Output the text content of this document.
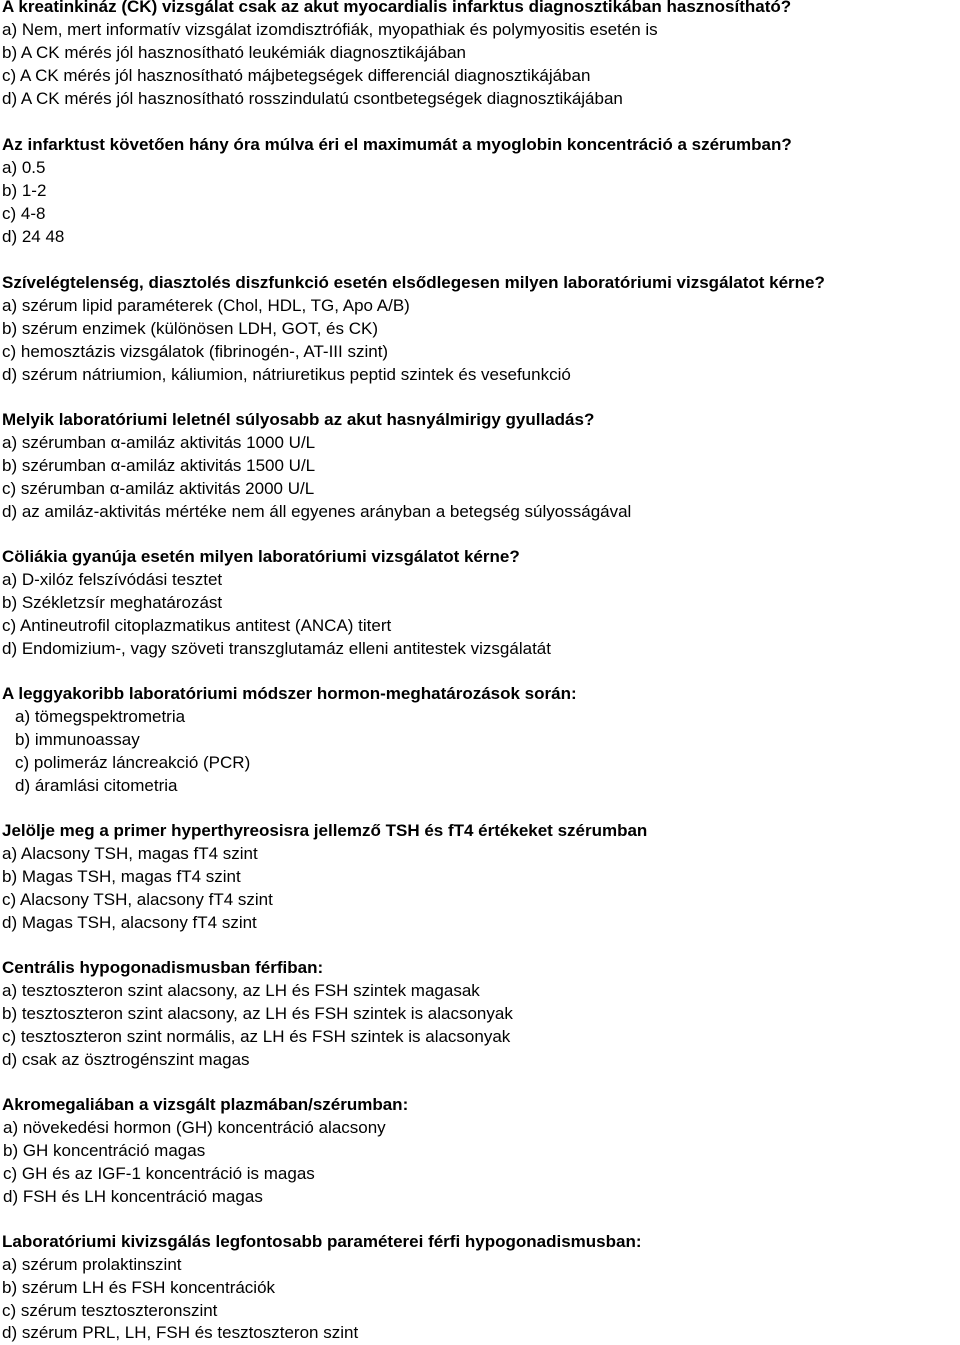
A kreatinkináz (CK) vizsgálat csak az akut myocardialis infarktus diagnosztikában hasznosítható?
a) Nem, mert informatív vizsgálat izomdisztrófiák, myopathiak és polymyositis esetén is
b) A CK mérés jól hasznosítható leukémiák diagnosztikájában
c) A CK mérés jól hasznosítható májbetegségek differenciál diagnosztikájában
d) A CK mérés jól hasznosítható rosszindulatú csontbetegségek diagnosztikájában
Az infarktust követően hány óra múlva éri el maximumát a myoglobin koncentráció a szérumban?
a) 0.5
b) 1-2
c) 4-8
d) 24 48
Szívelégtelenség, diasztolés diszfunkció esetén elsődlegesen milyen laboratóriumi vizsgálatot kérne?
a) szérum lipid paraméterek (Chol, HDL, TG, Apo A/B)
b) szérum enzimek (különösen LDH, GOT, és CK)
c) hemosztázis vizsgálatok (fibrinogén-, AT-III szint)
d) szérum nátriumion, káliumion, nátriuretikus peptid szintek és vesefunkció
Melyik laboratóriumi leletnél súlyosabb az akut hasnyálmirigy gyulladás?
a) szérumban α-amiláz aktivitás 1000 U/L
b) szérumban α-amiláz aktivitás 1500 U/L
c) szérumban α-amiláz aktivitás 2000 U/L
d) az amiláz-aktivitás mértéke nem áll egyenes arányban a betegség súlyosságával
Cöliákia gyanúja esetén milyen laboratóriumi vizsgálatot kérne?
a) D-xilóz felszívódási tesztet
b) Székletzsír meghatározást
c) Antineutrofil citoplazmatikus antitest (ANCA) titert
d) Endomizium-, vagy szöveti transzglutamáz elleni antitestek vizsgálatát
A leggyakoribb laboratóriumi módszer hormon-meghatározások során:
a) tömegspektrometria
b) immunoassay
c) polimeráz láncreakció (PCR)
d) áramlási citometria
Jelölje meg a primer hyperthyreosisra jellemző TSH és fT4 értékeket szérumban
a) Alacsony TSH, magas fT4 szint
b) Magas TSH, magas fT4 szint
c) Alacsony TSH, alacsony fT4 szint
d) Magas TSH, alacsony fT4 szint
Centrális hypogonadismusban férfiban:
a) tesztoszteron szint alacsony, az LH és FSH szintek magasak
b) tesztoszteron szint alacsony, az LH és FSH szintek is alacsonyak
c) tesztoszteron szint normális, az LH és FSH szintek is alacsonyak
d) csak az ösztrogénszint magas
Akromegaliában a vizsgált plazmában/szérumban:
a) növekedési hormon (GH) koncentráció alacsony
b) GH koncentráció magas
c) GH és az IGF-1 koncentráció is magas
d) FSH és LH koncentráció magas
Laboratóriumi kivizsgálás legfontosabb paraméterei férfi hypogonadismusban:
a) szérum prolaktinszint
b) szérum LH és FSH koncentrációk
c) szérum tesztoszteronszint
d) szérum PRL, LH, FSH és tesztoszteron szint
